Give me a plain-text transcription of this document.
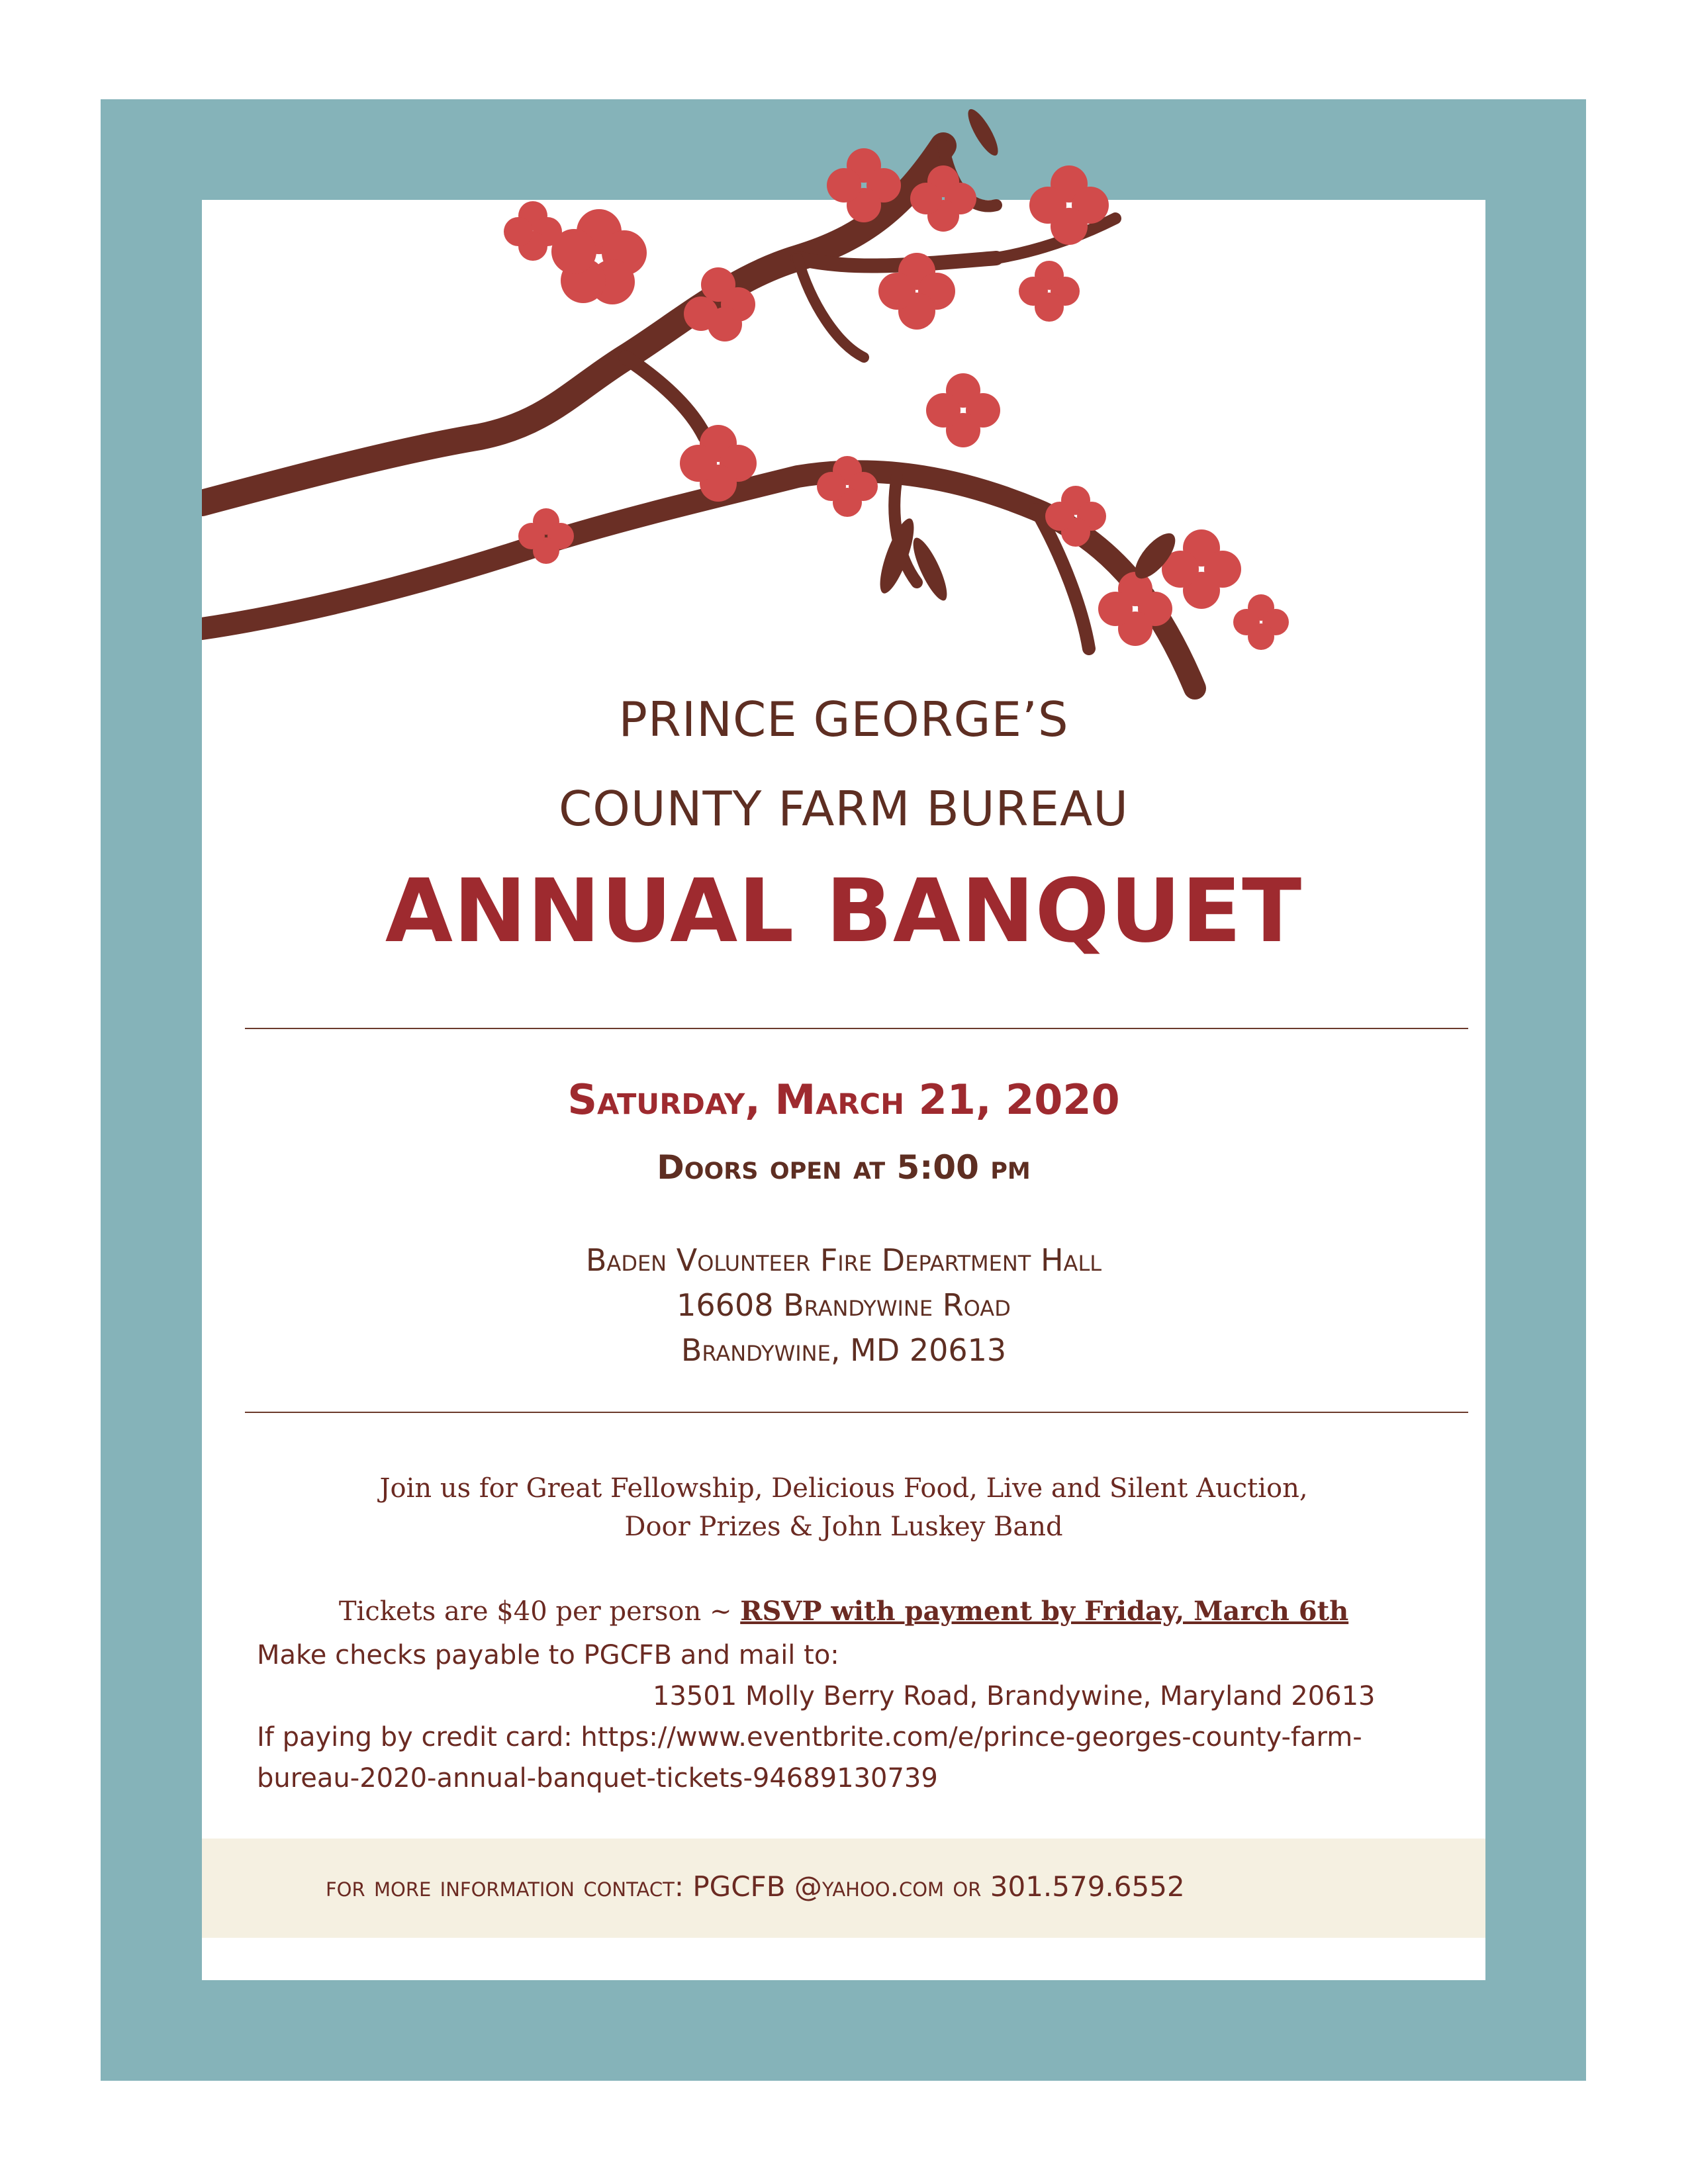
PRINCE GEORGE’S

COUNTY FARM BUREAU

ANNUAL BANQUET

Saturday, March 21, 2020

Doors open at 5:00 pm

Baden Volunteer Fire Department Hall
16608 Brandywine Road
Brandywine, MD 20613
Join us for Great Fellowship, Delicious Food, Live and Silent Auction,
Door Prizes & John Luskey Band

Tickets are $40 per person ~ RSVP with payment by Friday, March 6th

Make checks payable to PGCFB and mail to:

13501 Molly Berry Road, Brandywine, Maryland 20613

If paying by credit card: https://www.eventbrite.com/e/prince-georges-county-farm-

bureau-2020-annual-banquet-tickets-94689130739

for more information contact: PGCFB @yahoo.com or 301.579.6552
